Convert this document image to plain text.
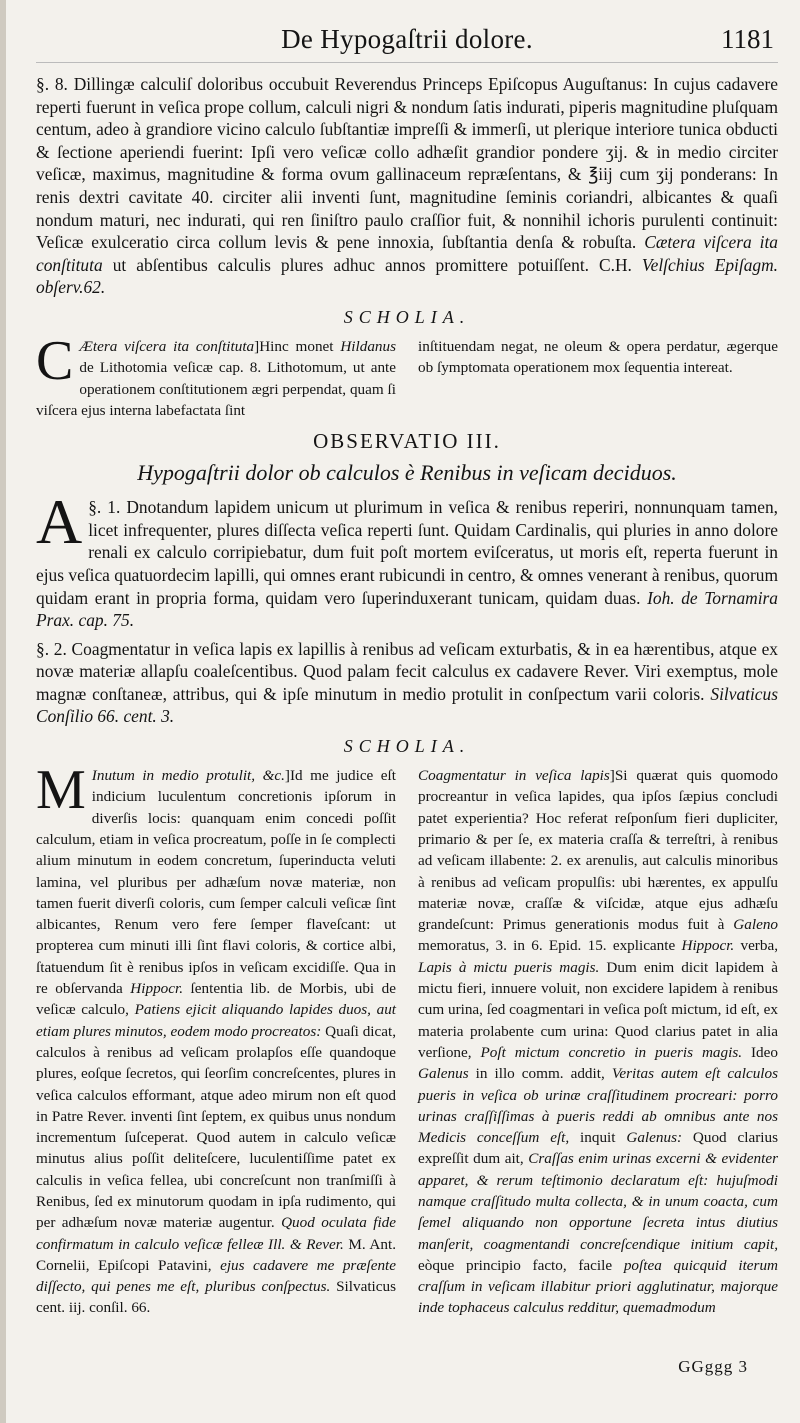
De Hypogaſtrii dolore.	1181

§. 8. Dillingæ calculiſ doloribus occubuit Reverendus Princeps Epiſcopus Auguſtanus: In cujus cadavere reperti fuerunt in veſica prope collum, calculi nigri & nondum ſatis indurati, piperis magnitudine pluſquam centum, adeo à grandiore vicino calculo ſubſtantiæ impreſſi & immerſi, ut plerique interiore tunica obducti & ſectione aperiendi fuerint: Ipſi vero veſicæ collo adhæſit grandior pondere ʒij. & in medio circiter veſicæ, maximus, magnitudine & forma ovum gallinaceum repræſentans, & ℥iij cum ʒij ponderans: In renis dextri cavitate 40. circiter alii inventi ſunt, magnitudine ſeminis coriandri, albicantes & quaſi nondum maturi, nec indurati, qui ren ſiniſtro paulo craſſior fuit, & nonnihil ichoris purulenti continuit: Veſicæ exulceratio circa collum levis & pene innoxia, ſubſtantia denſa & robuſta. Cætera viſcera ita conſtituta ut abſentibus calculis plures adhuc annos promittere potuiſſent. C.H. Velſchius Epiſagm. obſerv.62.

SCHOLIA.

C Ætera viſcera ita conſtituta]Hinc monet Hildanus de Lithotomia veſicæ cap. 8. Lithotomum, ut ante operationem conſtitutionem ægri perpendat, quam ſi viſcera ejus interna labefactata ſint

inſtituendam negat, ne oleum & opera perdatur, ægerque ob ſymptomata operationem mox ſequentia intereat.

OBSERVATIO III.
Hypogaſtrii dolor ob calculos è Renibus in veſicam deciduos.

§. 1.
A	Dnotandum lapidem unicum ut plurimum in veſica & renibus reperiri, nonnunquam tamen, licet infrequenter, plures diſſecta veſica reperti ſunt. Quidam Cardinalis, qui pluries in anno dolore renali ex calculo corripiebatur, dum fuit poſt mortem eviſceratus, ut moris eſt, reperta fuerunt in ejus veſica quatuordecim lapilli, qui omnes erant rubicundi in centro, & omnes venerant à renibus, quorum quidam erant in propria forma, quidam vero ſuperinduxerant tunicam, quidam duas. Ioh. de Tornamira Prax. cap. 75.

§. 2. Coagmentatur in veſica lapis ex lapillis à renibus ad veſicam exturbatis, & in ea hærentibus, atque ex novæ materiæ allapſu coaleſcentibus. Quod palam fecit calculus ex cadavere Rever. Viri exemptus, mole magnæ conſtaneæ, attribus, qui & ipſe minutum in medio protulit in conſpectum varii coloris. Silvaticus Conſilio 66. cent. 3.

SCHOLIA.

M Inutum in medio protulit, &c.]Id me judice eſt indicium luculentum concretionis ipſorum in diverſis locis: quanquam enim concedi poſſit calculum, etiam in veſica procreatum, poſſe in ſe complecti alium minutum in eodem concretum, ſuperinducta veluti lamina, vel pluribus per adhæſum novæ materiæ, non tamen fuerit diverſi coloris, cum ſemper calculi veſicæ ſint albicantes, Renum vero fere ſemper flaveſcant: ut propterea cum minuti illi ſint flavi coloris, & cortice albi, ſtatuendum ſit è renibus ipſos in veſicam excidiſſe. Qua in re obſervanda Hippocr. ſententia lib. de Morbis, ubi de veſicæ calculo, Patiens ejicit aliquando lapides duos, aut etiam plures minutos, eodem modo procreatos: Quaſi dicat, calculos à renibus ad veſicam prolapſos eſſe quandoque plures, eoſque ſecretos, qui ſeorſim concreſcentes, plures in veſica calculos efformant, atque adeo mirum non eſt quod in Patre Rever. inventi ſint ſeptem, ex quibus unus nondum incrementum ſuſceperat. Quod autem in calculo veſicæ minutus alius poſſit deliteſcere, luculentiſſime patet ex calculis in veſica fellea, ubi concreſcunt non tranſmiſſi à Renibus, ſed ex minutorum quodam in ipſa rudimento, qui per adhæſum novæ materiæ augentur. Quod oculata fide confirmatum in calculo veſicæ felleæ Ill. & Rever. M. Ant. Cornelii, Epiſcopi Patavini, ejus cadavere me præſente diſſecto, qui penes me eſt, pluribus conſpectus. Silvaticus cent. iij. conſil. 66.

Coagmentatur in veſica lapis]Si quærat quis quomodo procreantur in veſica lapides, qua ipſos ſæpius concludi patet experientia? Hoc referat reſponſum fieri dupliciter, primario & per ſe, ex materia craſſa & terreſtri, à renibus ad veſicam illabente: 2. ex arenulis, aut calculis minoribus à renibus ad veſicam propulſis: ubi hærentes, ex appulſu materiæ novæ, craſſæ & viſcidæ, atque ejus adhæſu grandeſcunt: Primus generationis modus fuit à Galeno memoratus, 3. in 6. Epid. 15. explicante Hippocr. verba, Lapis à mictu pueris magis. Dum enim dicit lapidem à mictu fieri, innuere voluit, non excidere lapidem à renibus cum urina, ſed coagmentari in veſica poſt mictum, id eſt, ex materia prolabente cum urina: Quod clarius patet in alia verſione, Poſt mictum concretio in pueris magis. Ideo Galenus in illo comm. addit, Veritas autem eſt calculos pueris in veſica ob urinæ craſſitudinem procreari: porro urinas craſſiſſimas à pueris reddi ab omnibus ante nos Medicis conceſſum eſt, inquit Galenus: Quod clarius expreſſit dum ait, Craſſas enim urinas excerni & evidenter apparet, & rerum teſtimonio declaratum eſt: hujuſmodi namque craſſitudo multa collecta, & in unum coacta, cum ſemel aliquando non opportune ſecreta intus diutius manſerit, coagmentandi concreſcendique initium capit, eòque principio facto, facile poſtea quicquid iterum craſſum in veſicam illabitur priori agglutinatur, majorque inde tophaceus calculus redditur, quemadmodum

GGggg 3
